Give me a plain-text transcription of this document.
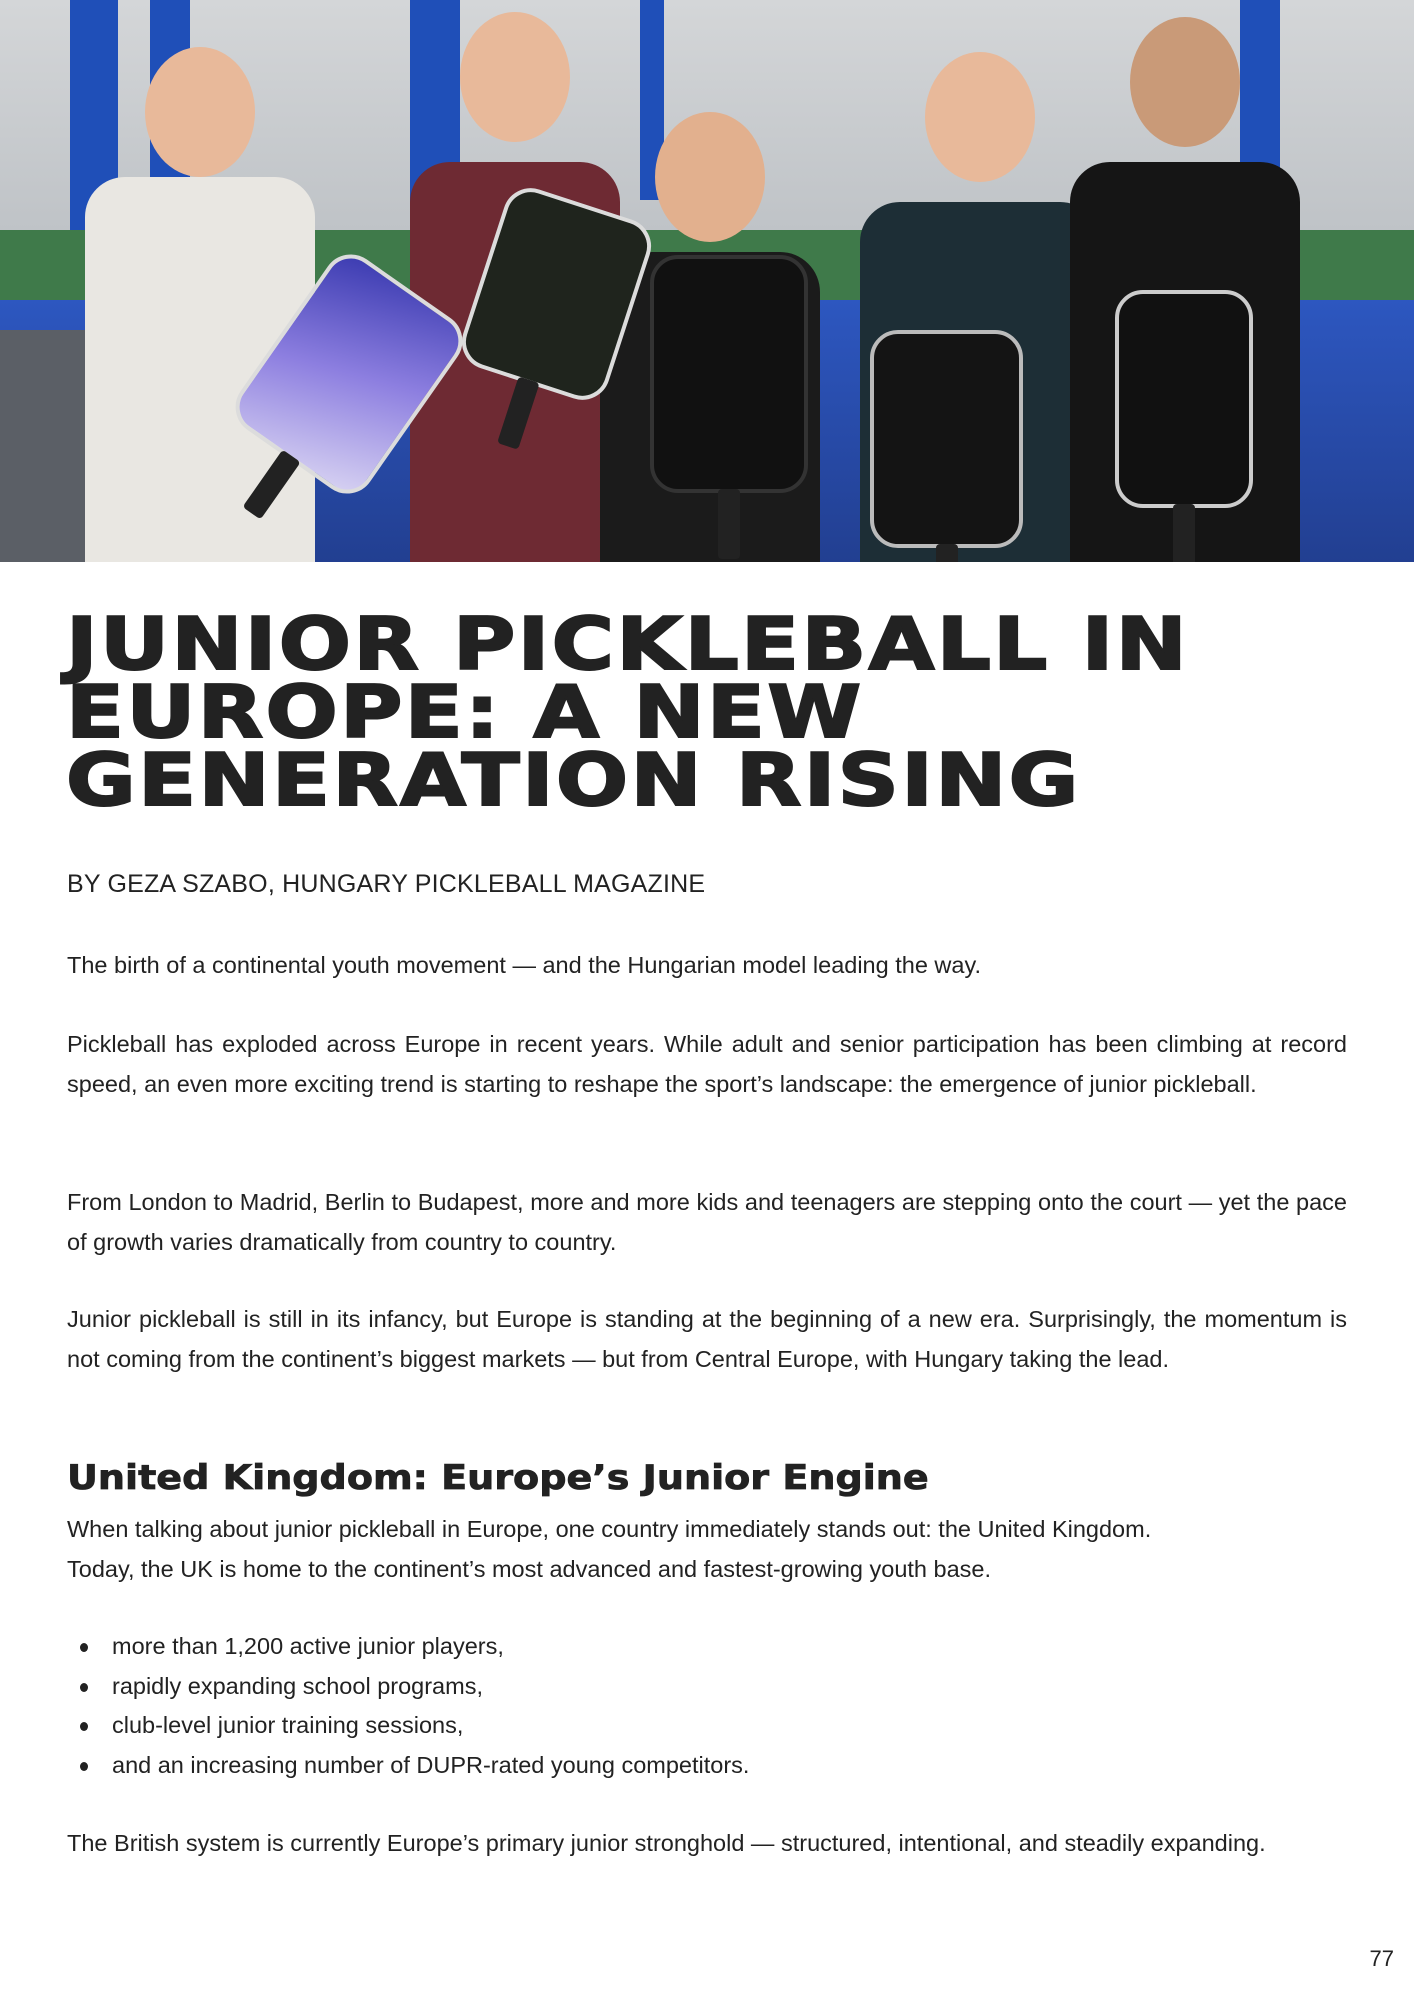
JUNIOR PICKLEBALL IN
EUROPE: A NEW
GENERATION RISING
BY GEZA SZABO, HUNGARY PICKLEBALL MAGAZINE

The birth of a continental youth movement — and the Hungarian model leading the way.

Pickleball has exploded across Europe in recent years. While adult and senior participation has been climbing at record speed, an even more exciting trend is starting to reshape the sport’s landscape: the emergence of junior pickleball.

From London to Madrid, Berlin to Budapest, more and more kids and teenagers are stepping onto the court — yet the pace of growth varies dramatically from country to country.

Junior pickleball is still in its infancy, but Europe is standing at the beginning of a new era. Surprisingly, the momentum is not coming from the continent’s biggest markets — but from Central Europe, with Hungary taking the lead.

United Kingdom: Europe’s Junior Engine

When talking about junior pickleball in Europe, one country immediately stands out: the United Kingdom.
Today, the UK is home to the continent’s most advanced and fastest-growing youth base.

more than 1,200 active junior players,
rapidly expanding school programs,
club-level junior training sessions,
and an increasing number of DUPR-rated young competitors.

The British system is currently Europe’s primary junior stronghold — structured, intentional, and steadily expanding.

77
